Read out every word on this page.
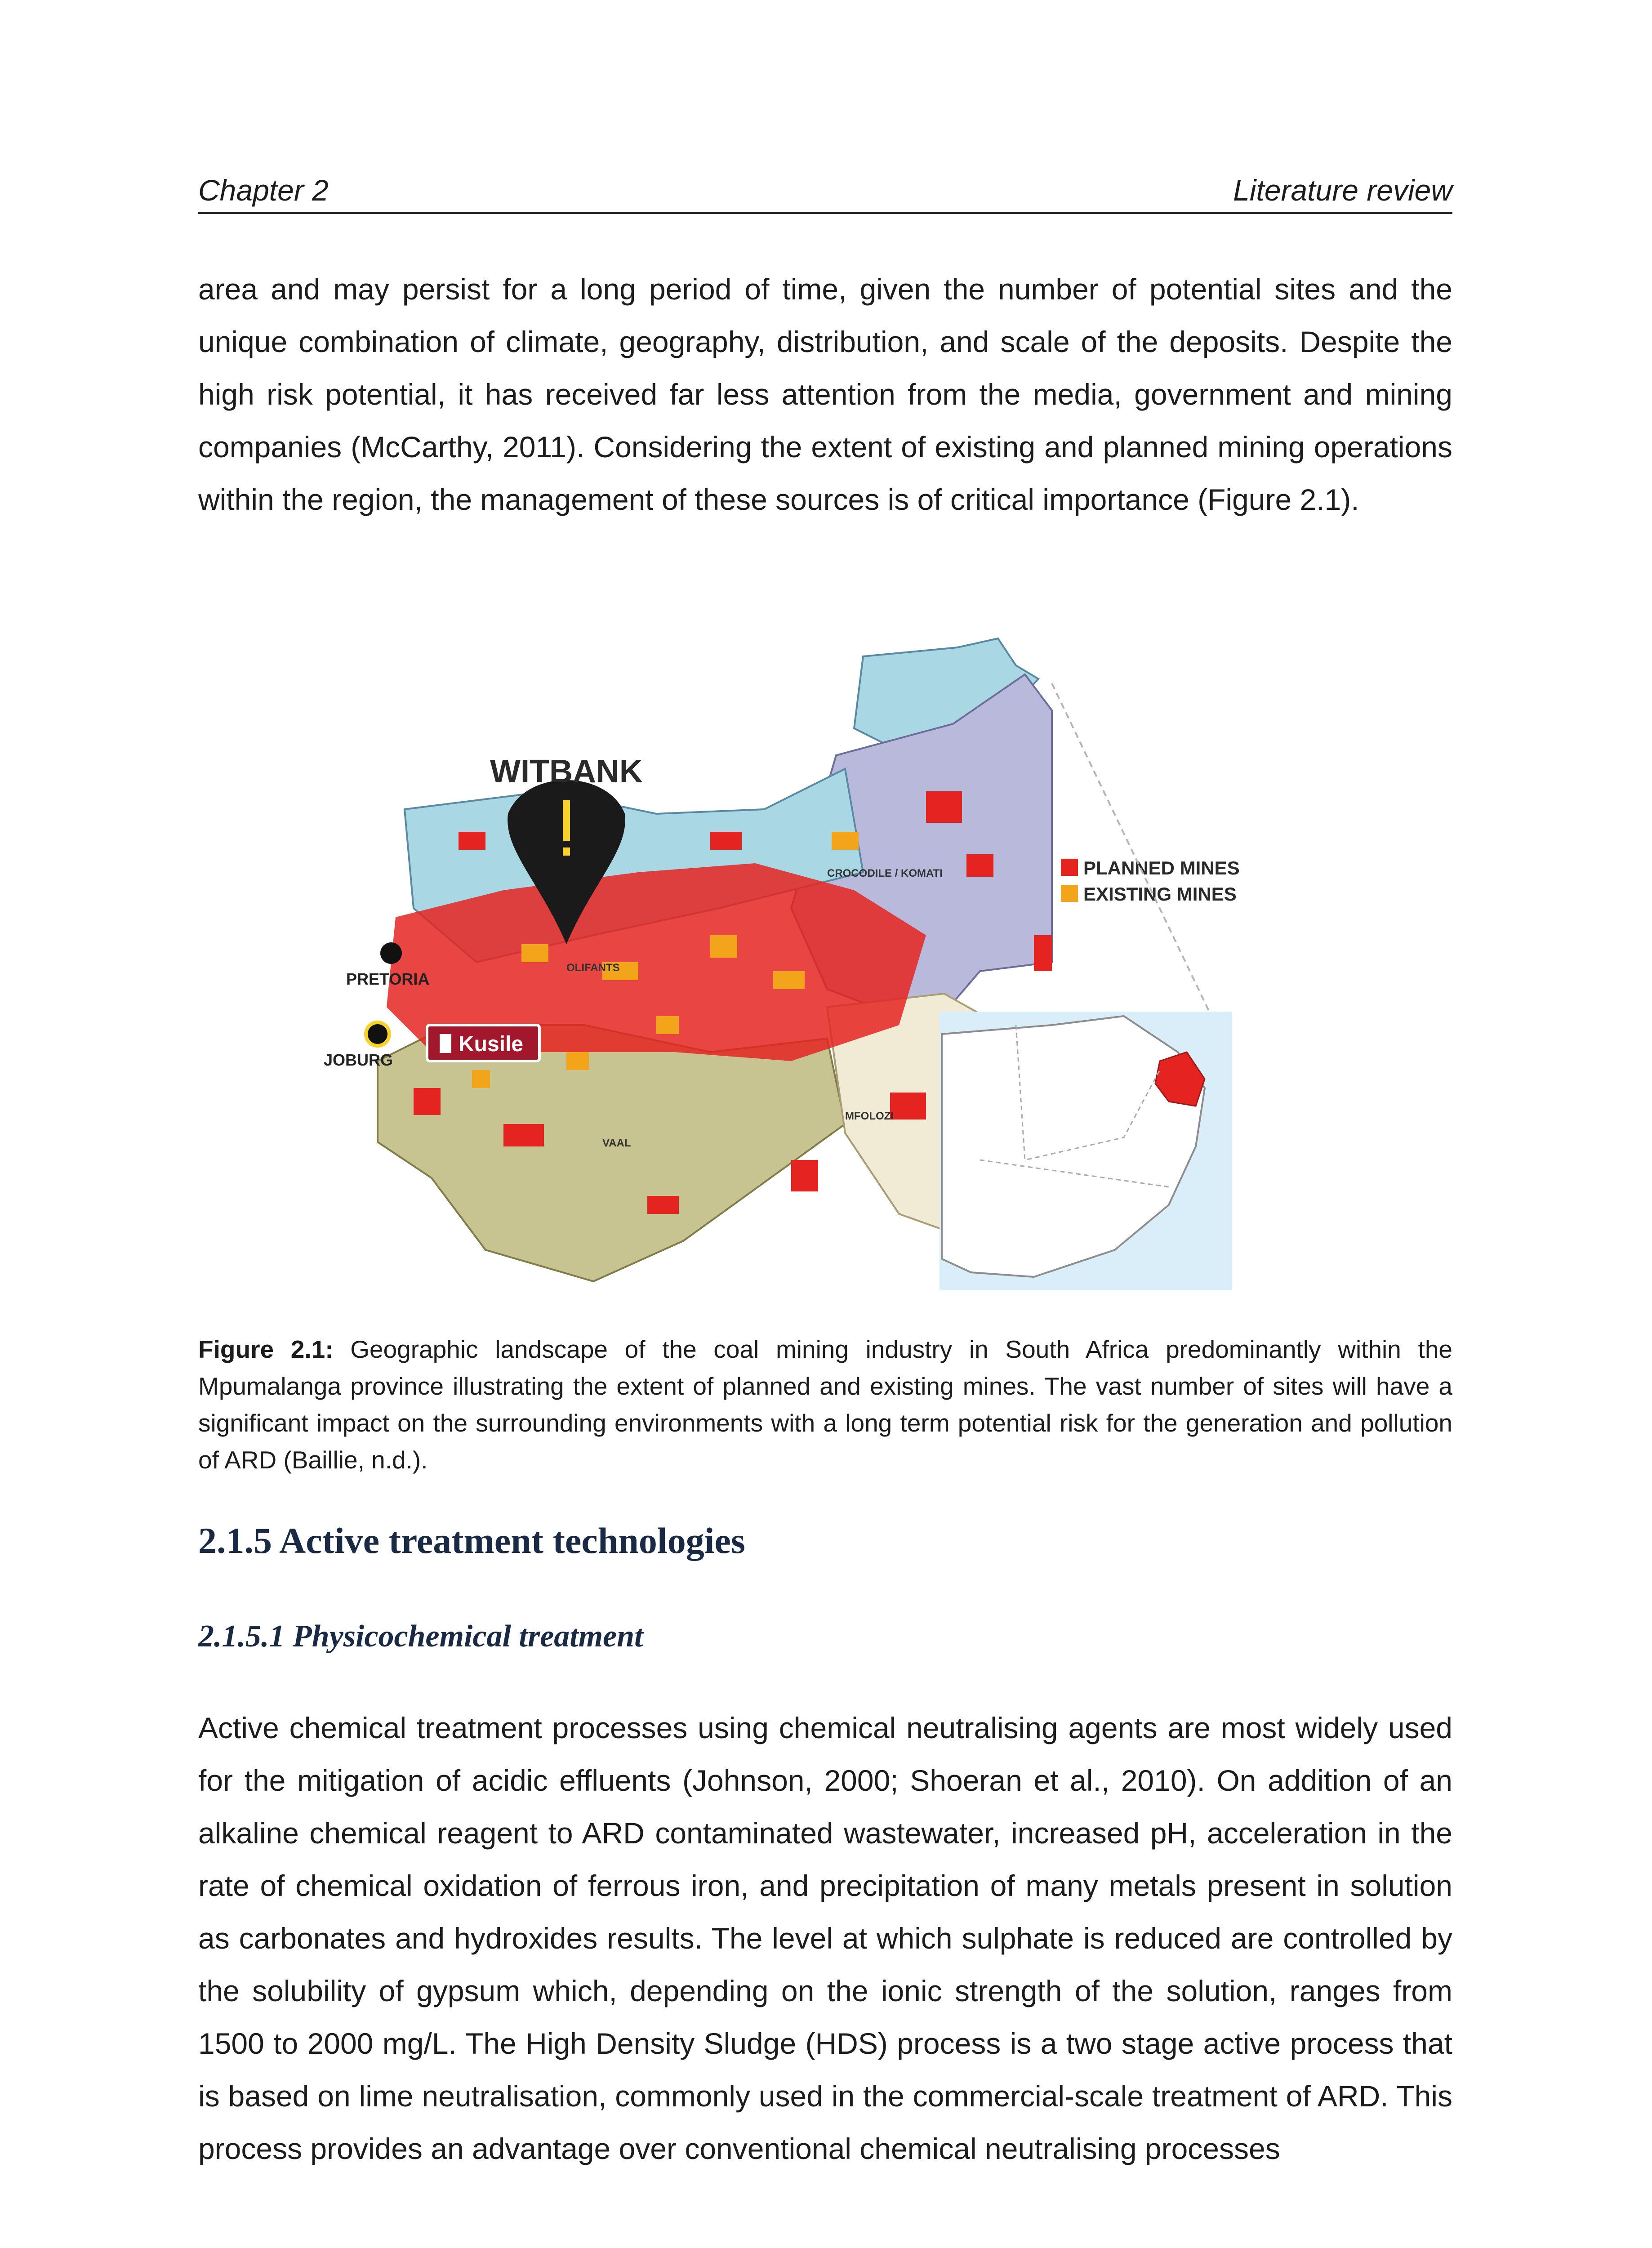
Chapter 2	Literature review
area and may persist for a long period of time, given the number of potential sites and the unique combination of climate, geography, distribution, and scale of the deposits. Despite the high risk potential, it has received far less attention from the media, government and mining companies (McCarthy, 2011). Considering the extent of existing and planned mining operations within the region, the management of these sources is of critical importance (Figure 2.1).
WITBANK
PRETORIA
JOBURG
Kusile
OLIFANTS
CROCODILE / KOMATI
MFOLOZI
VAAL
PLANNED MINES
EXISTING MINES
Figure 2.1: Geographic landscape of the coal mining industry in South Africa predominantly within the Mpumalanga province illustrating the extent of planned and existing mines. The vast number of sites will have a significant impact on the surrounding environments with a long term potential risk for the generation and pollution of ARD (Baillie, n.d.).
2.1.5 Active treatment technologies
2.1.5.1 Physicochemical treatment
Active chemical treatment processes using chemical neutralising agents are most widely used for the mitigation of acidic effluents (Johnson, 2000; Shoeran et al., 2010). On addition of an alkaline chemical reagent to ARD contaminated wastewater, increased pH, acceleration in the rate of chemical oxidation of ferrous iron, and precipitation of many metals present in solution as carbonates and hydroxides results. The level at which sulphate is reduced are controlled by the solubility of gypsum which, depending on the ionic strength of the solution, ranges from 1500 to 2000 mg/L. The High Density Sludge (HDS) process is a two stage active process that is based on lime neutralisation, commonly used in the commercial-scale treatment of ARD. This process provides an advantage over conventional chemical neutralising processes
